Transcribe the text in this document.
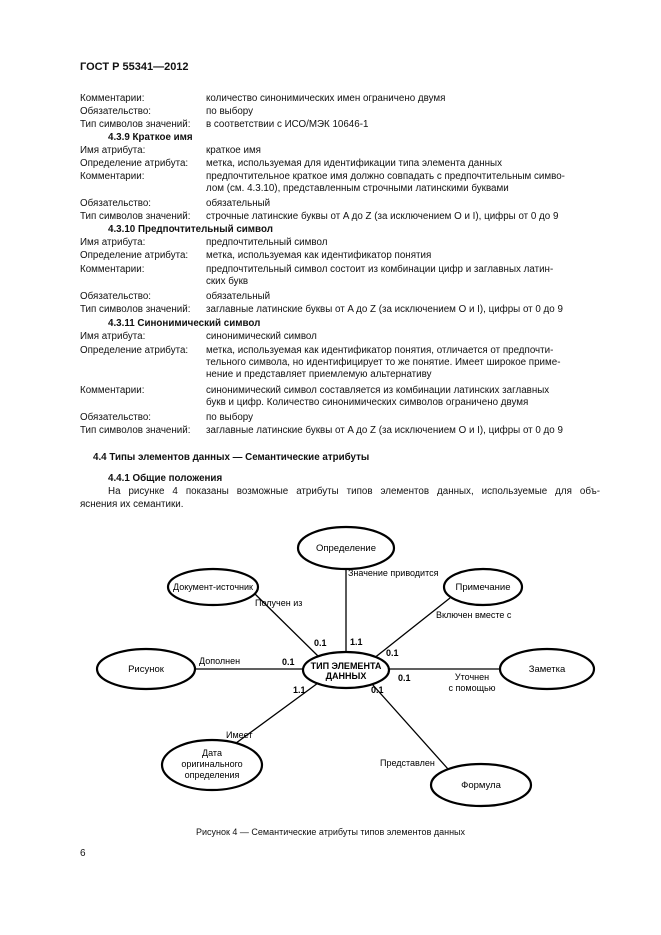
ГОСТ Р 55341—2012
Комментарии:	количество синонимических имен ограничено двумя
Обязательство:	по выбору
Тип символов значений: в соответствии с ИСО/МЭК 10646-1
4.3.9 Краткое имя
Имя атрибута:	краткое имя
Определение атрибута: метка, используемая для идентификации типа элемента данных
Комментарии:	предпочтительное краткое имя должно совпадать с предпочтительным симво-
лом (см. 4.3.10), представленным строчными латинскими буквами
Обязательство:	обязательный
Тип символов значений: строчные латинские буквы от A до Z (за исключением O и I), цифры от 0 до 9
4.3.10 Предпочтительный символ
Имя атрибута:	предпочтительный символ
Определение атрибута: метка, используемая как идентификатор понятия
Комментарии:	предпочтительный символ состоит из комбинации цифр и заглавных латин-
ских букв
Обязательство:	обязательный
Тип символов значений: заглавные латинские буквы от A до Z (за исключением O и I), цифры от 0 до 9
4.3.11 Синонимический символ
Имя атрибута:	синонимический символ
Определение атрибута: метка, используемая как идентификатор понятия, отличается от предпочти-
тельного символа, но идентифицирует то же понятие. Имеет широкое приме-
нение и представляет приемлемую альтернативу
Комментарии:	синонимический символ составляется из комбинации латинских заглавных
букв и цифр. Количество синонимических символов ограничено двумя
Обязательство:	по выбору
Тип символов значений: заглавные латинские буквы от A до Z (за исключением O и I), цифры от 0 до 9
4.4 Типы элементов данных — Семантические атрибуты
4.4.1 Общие положения
На рисунке 4 показаны возможные атрибуты типов элементов данных, используемые для объ-
яснения их семантики.
Определение
Документ-источник	Примечание
Рисунок	Заметка
ТИП ЭЛЕМЕНТА
ДАННЫХ
Дата
оригинального
определения
Формула
Значение приводится
Получен из
Включен вместе с
Дополнен
Уточнен
с помощью
Имеет
Представлен
1.1
0.1
0.1
0.1
0.1
1.1	0.1
Рисунок 4 — Семантические атрибуты типов элементов данных
6
